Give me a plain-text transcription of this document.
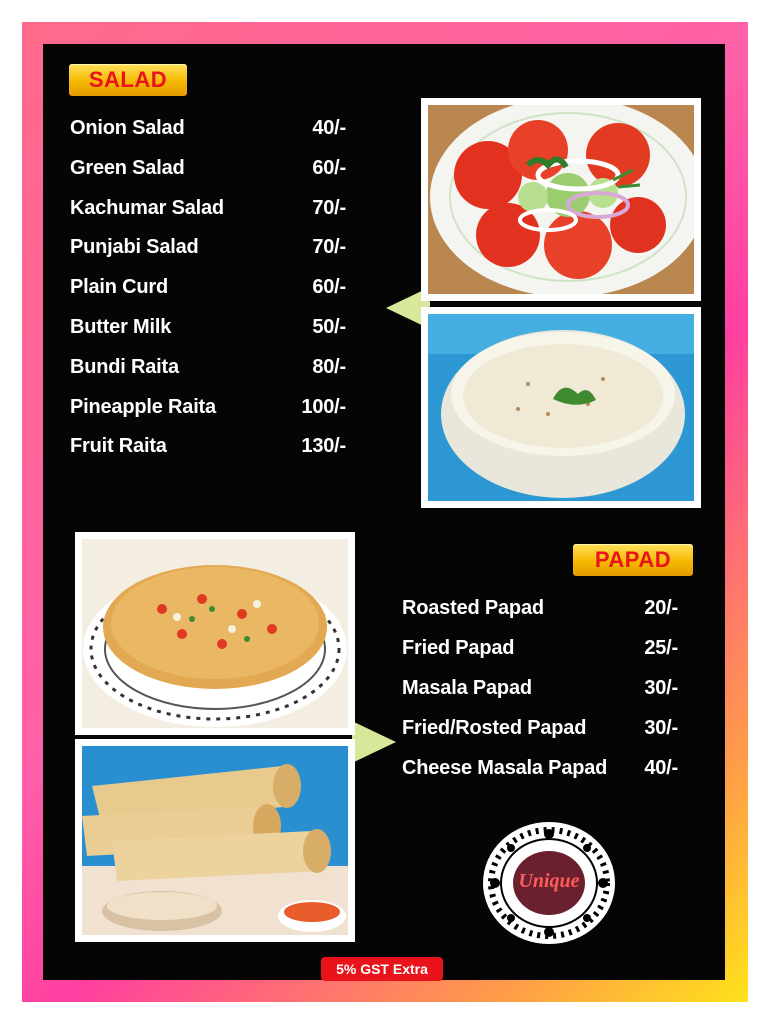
SALAD
Onion Salad	40/-
Green Salad	60/-
Kachumar Salad	70/-
Punjabi Salad	70/-
Plain Curd	60/-
Butter Milk	50/-
Bundi Raita	80/-
Pineapple Raita	100/-
Fruit Raita	130/-
PAPAD
Roasted Papad	20/-
Fried Papad	25/-
Masala Papad	30/-
Fried/Rosted Papad	30/-
Cheese Masala Papad	40/-
Unique
5% GST Extra
